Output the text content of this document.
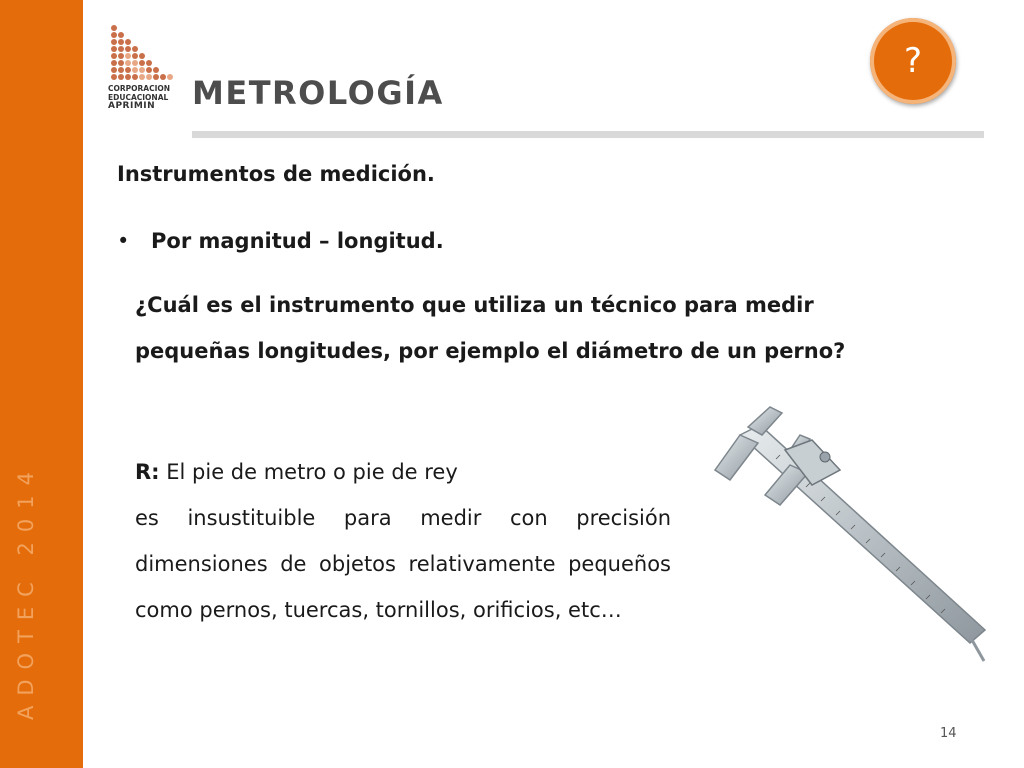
ADOTEC 2014
CORPORACION
EDUCACIONAL
APRIMIN	METROLOGÍA
?
Instrumentos de medición.
• Por magnitud – longitud.
¿Cuál es el instrumento que utiliza un técnico para medir pequeñas longitudes, por ejemplo el diámetro de un perno?
R: El pie de metro o pie de rey
es insustituible para medir con precisión dimensiones de objetos relativamente pequeños como pernos, tuercas, tornillos, orificios, etc…
14
